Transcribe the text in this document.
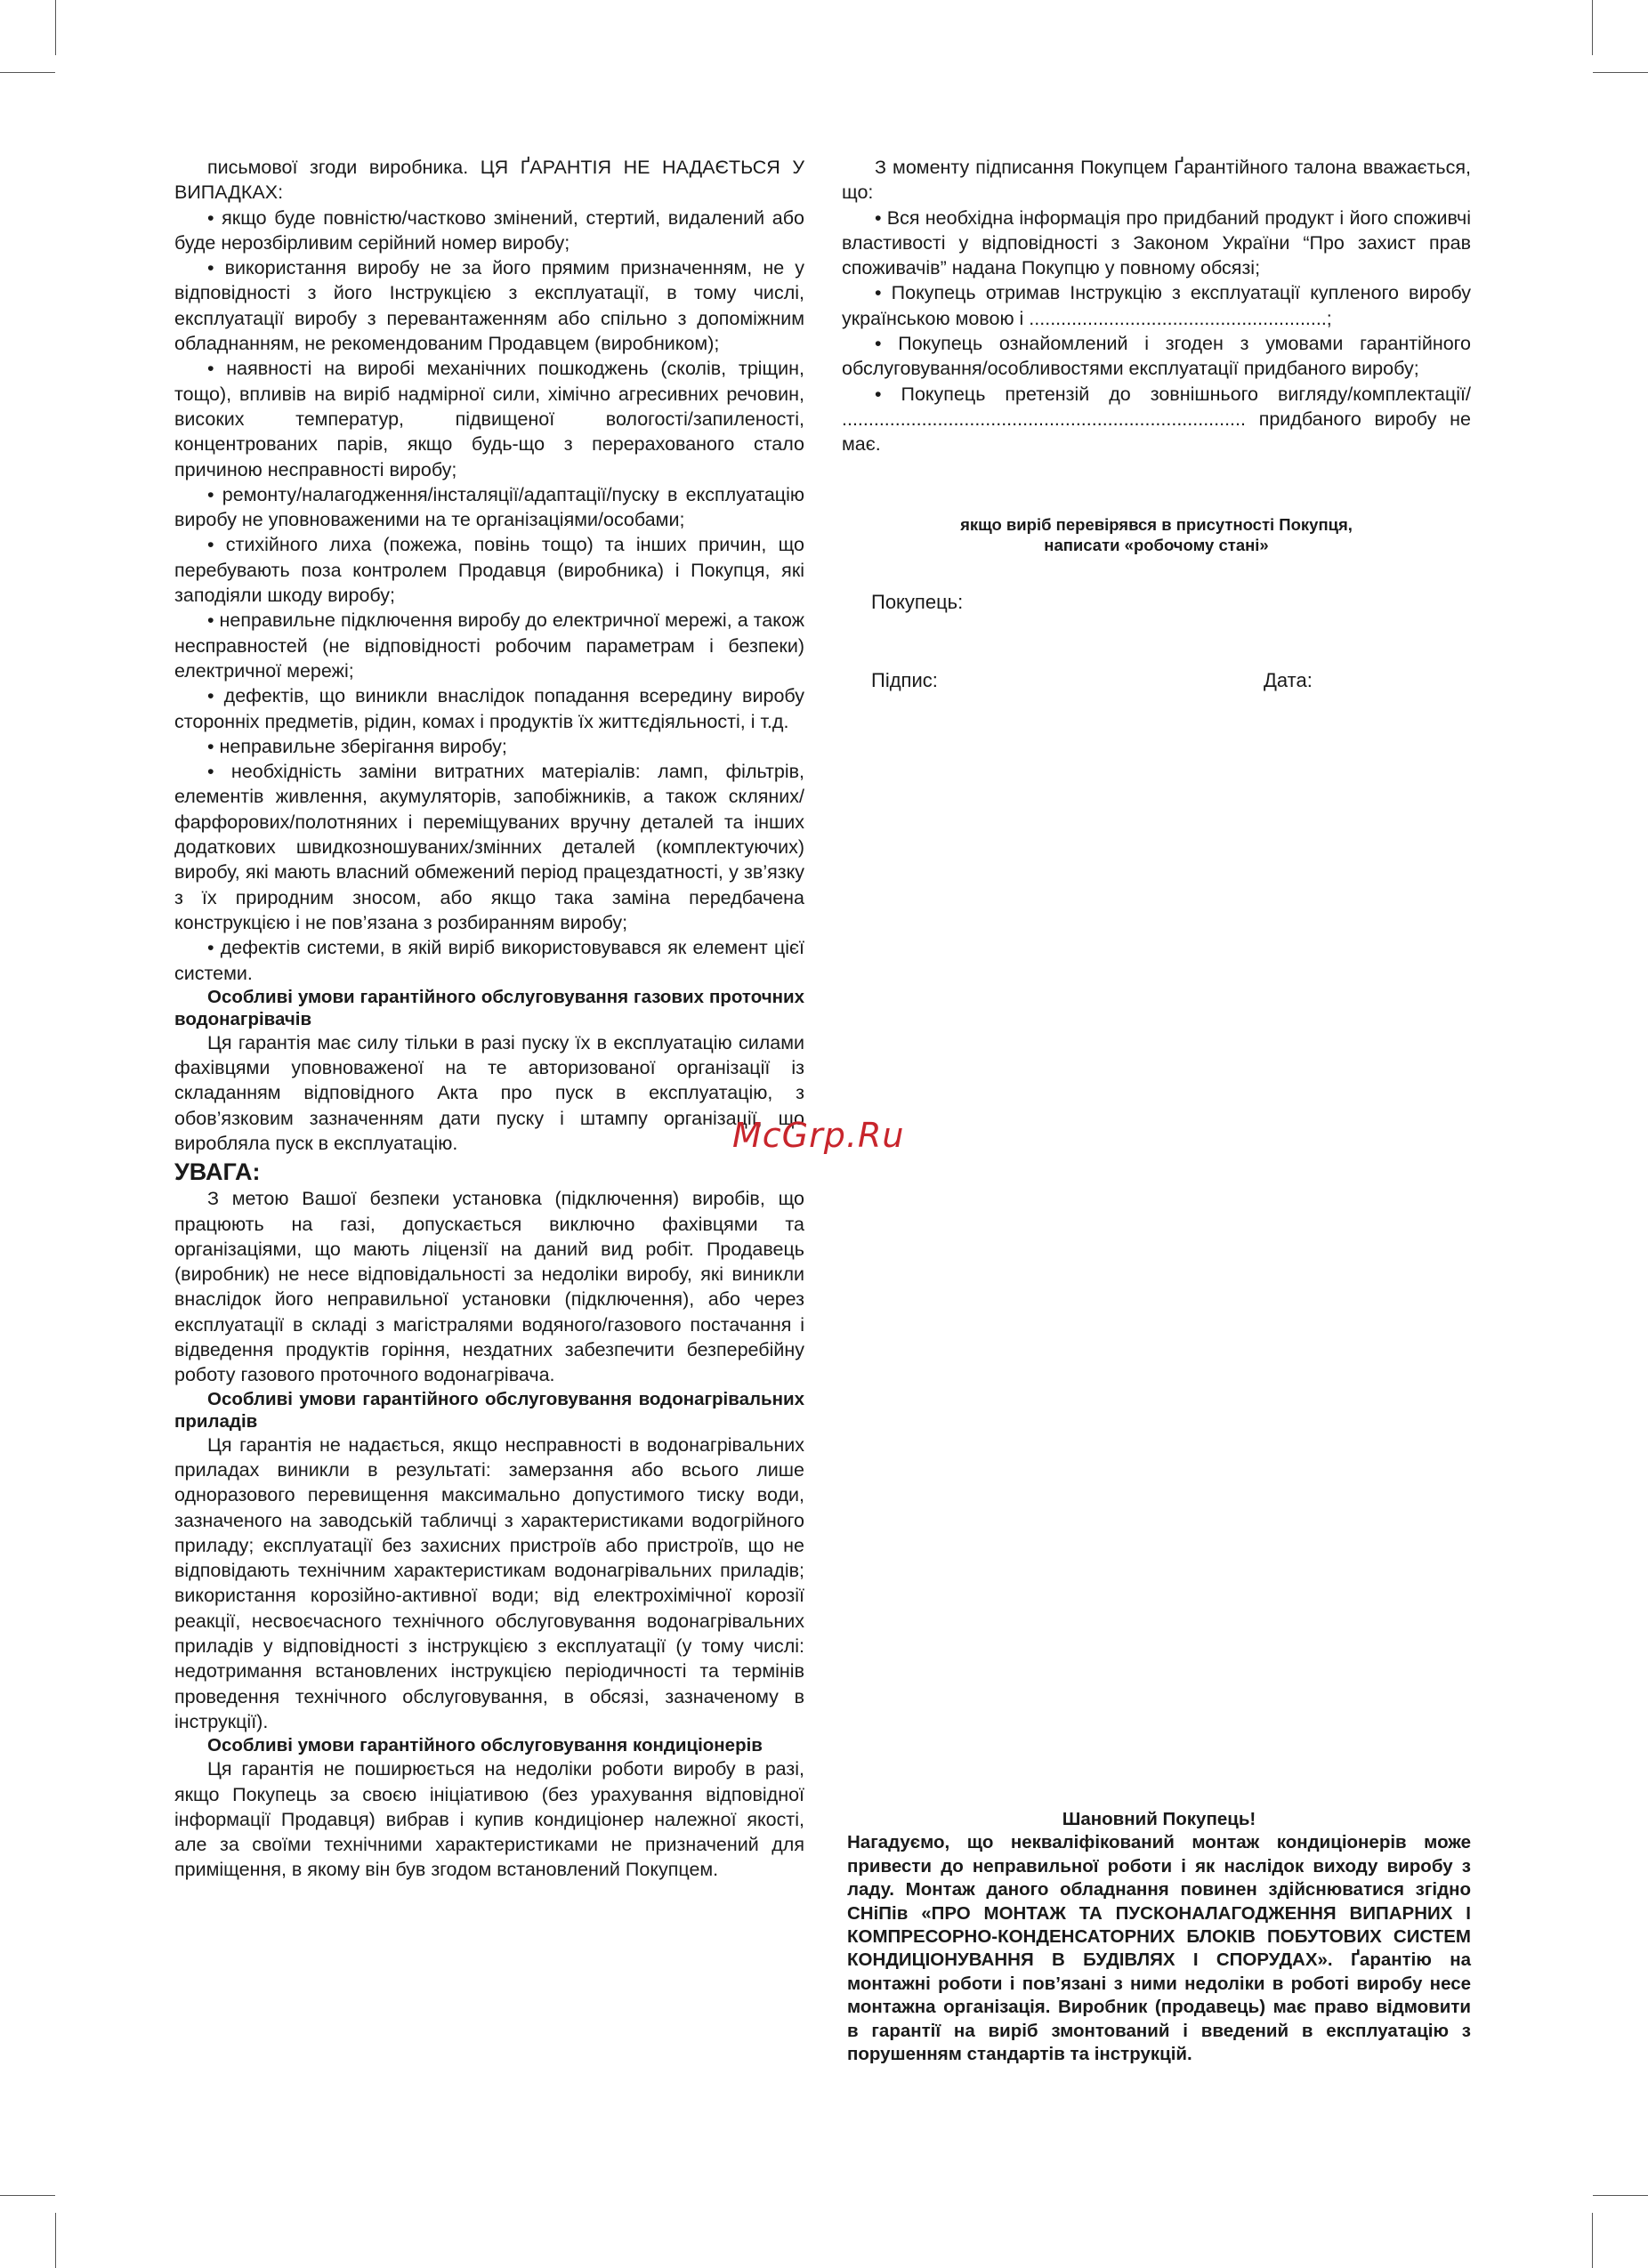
письмової згоди виробника. ЦЯ ҐАРАНТІЯ НЕ НАДАЄТЬСЯ У ВИПАДКАХ:

• якщо буде повністю/частково змінений, стертий, видалений або буде нерозбірливим серійний номер виробу;

• використання виробу не за його прямим призначенням, не у відповідності з його Інструкцією з експлуатації, в тому числі, експлуатації виробу з перевантаженням або спільно з допоміжним обладнанням, не рекомендованим Продавцем (виробником);

• наявності на виробі механічних пошкоджень (сколів, тріщин, тощо), впливів на виріб надмірної сили, хімічно агресивних речовин, високих температур, підвищеної вологості/запиленості, концентрованих парів, якщо будь-що з перерахованого стало причиною несправності виробу;

• ремонту/налагодження/інсталяції/адаптації/пуску в експлуатацію виробу не уповноваженими на те організаціями/особами;

• стихійного лиха (пожежа, повінь тощо) та інших причин, що перебувають поза контролем Продавця (виробника) і Покупця, які заподіяли шкоду виробу;

• неправильне підключення виробу до електричної мережі, а також несправностей (не відповідності робочим параметрам і безпеки) електричної мережі;

• дефектів, що виникли внаслідок попадання всередину виробу сторонніх предметів, рідин, комах і продуктів їх життєдіяльності, і т.д.

• неправильне зберігання виробу;

• необхідність заміни витратних матеріалів: ламп, фільтрів, елементів живлення, акумуляторів, запобіжників, а також скляних/фарфорових/полотняних і переміщуваних вручну деталей та інших додаткових швидкозношуваних/змінних деталей (комплектуючих) виробу, які мають власний обмежений період працездатності, у зв’язку з їх природним зносом, або якщо така заміна передбачена конструкцією і не пов’язана з розбиранням виробу;

• дефектів системи, в якій виріб використовувався як елемент цієї системи.

Особливі умови гарантійного обслуговування газових проточних водонагрівачів

Ця гарантія має силу тільки в разі пуску їх в експлуатацію силами фахівцями уповноваженої на те авторизованої організації із складанням відповідного Акта про пуск в експлуатацію, з обов’язковим зазначенням дати пуску і штампу організації, що виробляла пуск в експлуатацію.

УВАГА:

З метою Вашої безпеки установка (підключення) виробів, що працюють на газі, допускається виключно фахівцями та організаціями, що мають ліцензії на даний вид робіт. Продавець (виробник) не несе відповідальності за недоліки виробу, які виникли внаслідок його неправильної установки (підключення), або через експлуатації в складі з магістралями водяного/газового постачання і відведення продуктів горіння, нездатних забезпечити безперебійну роботу газового проточного водонагрівача.

Особливі умови гарантійного обслуговування водонагрівальних приладів

Ця гарантія не надається, якщо несправності в водонагрівальних приладах виникли в результаті: замерзання або всього лише одноразового перевищення максимально допустимого тиску води, зазначеного на заводській табличці з характеристиками водогрійного приладу; експлуатації без захисних пристроїв або пристроїв, що не відповідають технічним характеристикам водонагрівальних приладів; використання корозійно-активної води; від електрохімічної корозії реакції, несвоєчасного технічного обслуговування водонагрівальних приладів у відповідності з інструкцією з експлуатації (у тому числі: недотримання встановлених інструкцією періодичності та термінів проведення технічного обслуговування, в обсязі, зазначеному в інструкції).

Особливі умови гарантійного обслуговування кондиціонерів

Ця гарантія не поширюється на недоліки роботи виробу в разі, якщо Покупець за своєю ініціативою (без урахування відповідної інформації Продавця) вибрав і купив кондиціонер належної якості, але за своїми технічними характеристиками не призначений для приміщення, в якому він був згодом встановлений Покупцем.

З моменту підписання Покупцем Ґарантійного талона вважається, що:

• Вся необхідна інформація про придбаний продукт і його споживчі властивості у відповідності з Законом України “Про захист прав споживачів” надана Покупцю у повному обсязі;

• Покупець отримав Інструкцію з експлуатації купленого виробу українською мовою і ........................................................;

• Покупець ознайомлений і згоден з умовами гарантійного обслуговування/особливостями експлуатації придбаного виробу;

• Покупець претензій до зовнішнього вигляду/комплектації/ ............................................................................ придбаного виробу не має.

якщо виріб перевірявся в присутності Покупця,
написати «робочому стані»
Покупець:
Підпис:	Дата:
McGrp.Ru
Шановний Покупець!
Нагадуємо, що некваліфікований монтаж кондиціонерів може привести до неправильної роботи і як наслідок виходу виробу з ладу. Монтаж даного обладнання повинен здійснюватися згідно СНіПів «ПРО МОНТАЖ ТА ПУСКОНАЛАГОДЖЕННЯ ВИПАРНИХ І КОМПРЕСОРНО-КОНДЕНСАТОРНИХ БЛОКІВ ПОБУТОВИХ СИСТЕМ КОНДИЦІОНУВАННЯ В БУДІВЛЯХ І СПОРУДАХ». Ґарантію на монтажні роботи і пов’язані з ними недоліки в роботі виробу несе монтажна організація. Виробник (продавець) має право відмовити в гарантії на виріб змонтований і введений в експлуатацію з порушенням стандартів та інструкцій.
